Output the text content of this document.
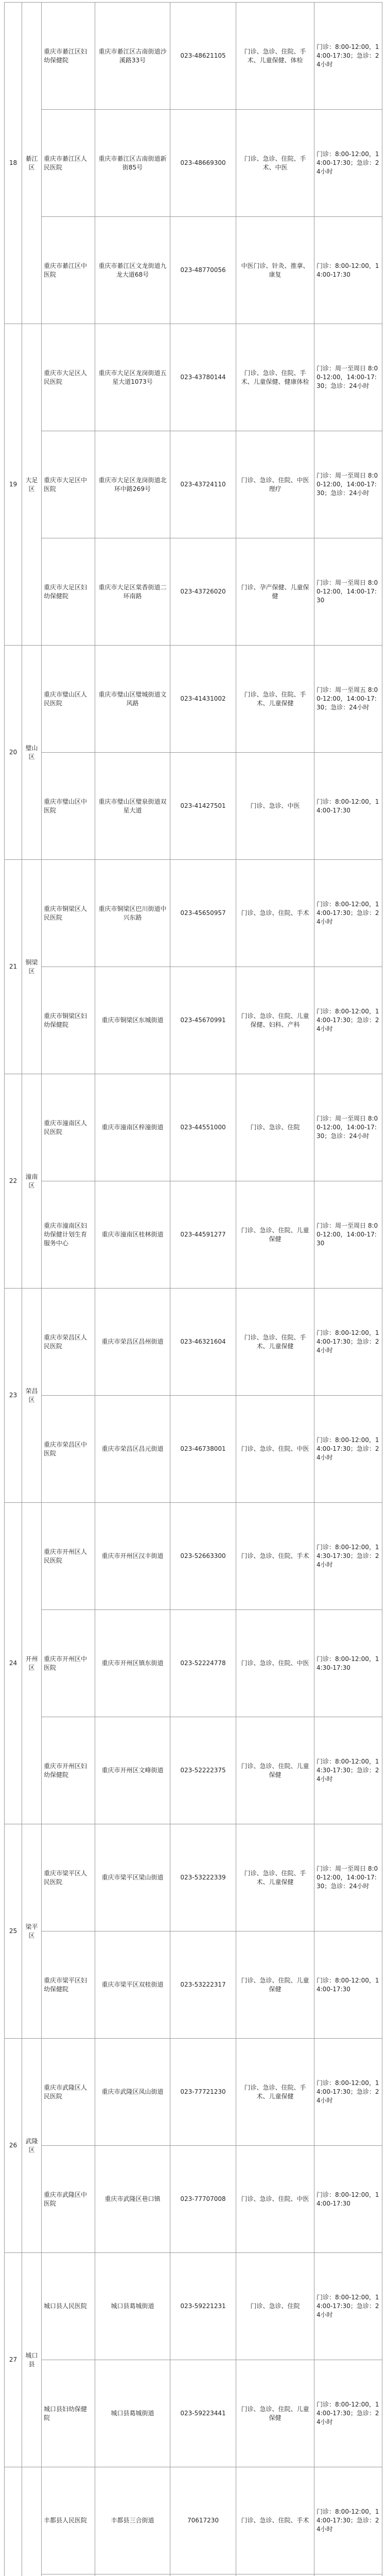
18	綦江区	重庆市綦江区妇幼保健院	重庆市綦江区古南街道沙溪路33号	023-48621105	门诊、急诊、住院、手术、儿童保健、体检	门诊：8:00-12:00，14:00-17:30；急诊：24小时
		重庆市綦江区人民医院	重庆市綦江区古南街道新街85号	023-48669300	门诊、急诊、住院、手术、中医	门诊：8:00-12:00，14:00-17:30；急诊：24小时
		重庆市綦江区中医院	重庆市綦江区文龙街道九龙大道68号	023-48770056	中医门诊、针灸、推拿、康复	门诊：8:00-12:00，14:00-17:30
19	大足区	重庆市大足区人民医院	重庆市大足区龙岗街道五星大道1073号	023-43780144	门诊、急诊、住院、手术、儿童保健、健康体检	门诊：周一至周日 8:00-12:00，14:00-17:30；急诊：24小时
		重庆市大足区中医院	重庆市大足区龙岗街道北环中路269号	023-43724110	门诊、急诊、住院、中医理疗	门诊：周一至周日 8:00-12:00，14:00-17:30；急诊：24小时
		重庆市大足区妇幼保健院	重庆市大足区棠香街道二环南路	023-43726020	门诊、孕产保健、儿童保健	门诊：周一至周日 8:00-12:00，14:00-17:30
20	璧山区	重庆市璧山区人民医院	重庆市璧山区璧城街道文风路	023-41431002	门诊、急诊、住院、手术、儿童保健	门诊：周一至周五 8:00-12:00，14:00-17:30；急诊：24小时
		重庆市璧山区中医院	重庆市璧山区璧泉街道双星大道	023-41427501	门诊、急诊、中医	门诊：8:00-12:00，14:00-17:30
21	铜梁区	重庆市铜梁区人民医院	重庆市铜梁区巴川街道中兴东路	023-45650957	门诊、急诊、住院、手术	门诊：8:00-12:00，14:00-17:30；急诊：24小时
		重庆市铜梁区妇幼保健院	重庆市铜梁区东城街道	023-45670991	门诊、急诊、住院、儿童保健、妇科、产科	门诊：8:00-12:00，14:00-17:30；急诊：24小时
22	潼南区	重庆市潼南区人民医院	重庆市潼南区梓潼街道	023-44551000	门诊、急诊、住院	门诊：周一至周日 8:00-12:00，14:00-17:30；急诊：24小时
		重庆市潼南区妇幼保健计划生育服务中心	重庆市潼南区桂林街道	023-44591277	门诊、急诊、住院、儿童保健	门诊：周一至周日 8:00-12:00，14:00-17:30
23	荣昌区	重庆市荣昌区人民医院	重庆市荣昌区昌州街道	023-46321604	门诊、急诊、住院、手术、儿童保健	门诊：8:00-12:00，14:00-17:30；急诊：24小时
		重庆市荣昌区中医院	重庆市荣昌区昌元街道	023-46738001	门诊、急诊、住院、中医	门诊：8:00-12:00，14:00-17:30；急诊：24小时
24	开州区	重庆市开州区人民医院	重庆市开州区汉丰街道	023-52663300	门诊、急诊、住院、手术	门诊：8:00-12:00，14:30-17:30；急诊：24小时
		重庆市开州区中医院	重庆市开州区镇东街道	023-52224778	门诊、急诊、住院、中医	门诊：8:00-12:00，14:30-17:30
		重庆市开州区妇幼保健院	重庆市开州区文峰街道	023-52222375	门诊、急诊、住院、儿童保健	门诊：8:00-12:00，14:30-17:30；急诊：24小时
25	梁平区	重庆市梁平区人民医院	重庆市梁平区梁山街道	023-53222339	门诊、急诊、住院、手术、儿童保健	门诊：周一至周日 8:00-12:00，14:00-17:30；急诊：24小时
		重庆市梁平区妇幼保健院	重庆市梁平区双桂街道	023-53222317	门诊、急诊、住院、儿童保健	门诊：8:00-12:00，14:00-17:30
26	武隆区	重庆市武隆区人民医院	重庆市武隆区凤山街道	023-77721230	门诊、急诊、住院、手术、儿童保健	门诊：8:00-12:00，14:00-17:30；急诊：24小时
		重庆市武隆区中医院	重庆市武隆区巷口镇	023-77707008	门诊、急诊、住院、中医	门诊：8:00-12:00，14:00-17:30
27	城口县	城口县人民医院	城口县葛城街道	023-59221231	门诊、急诊、住院	门诊：8:00-12:00，14:00-17:30；急诊：24小时
		城口县妇幼保健院	城口县葛城街道	023-59223441	门诊、急诊、住院、儿童保健	门诊：8:00-12:00，14:00-17:30；急诊：24小时
		丰都县人民医院	丰都县三合街道	70617230	门诊、急诊、住院、手术	门诊：8:00-12:00，14:00-17:30；急诊：24小时
